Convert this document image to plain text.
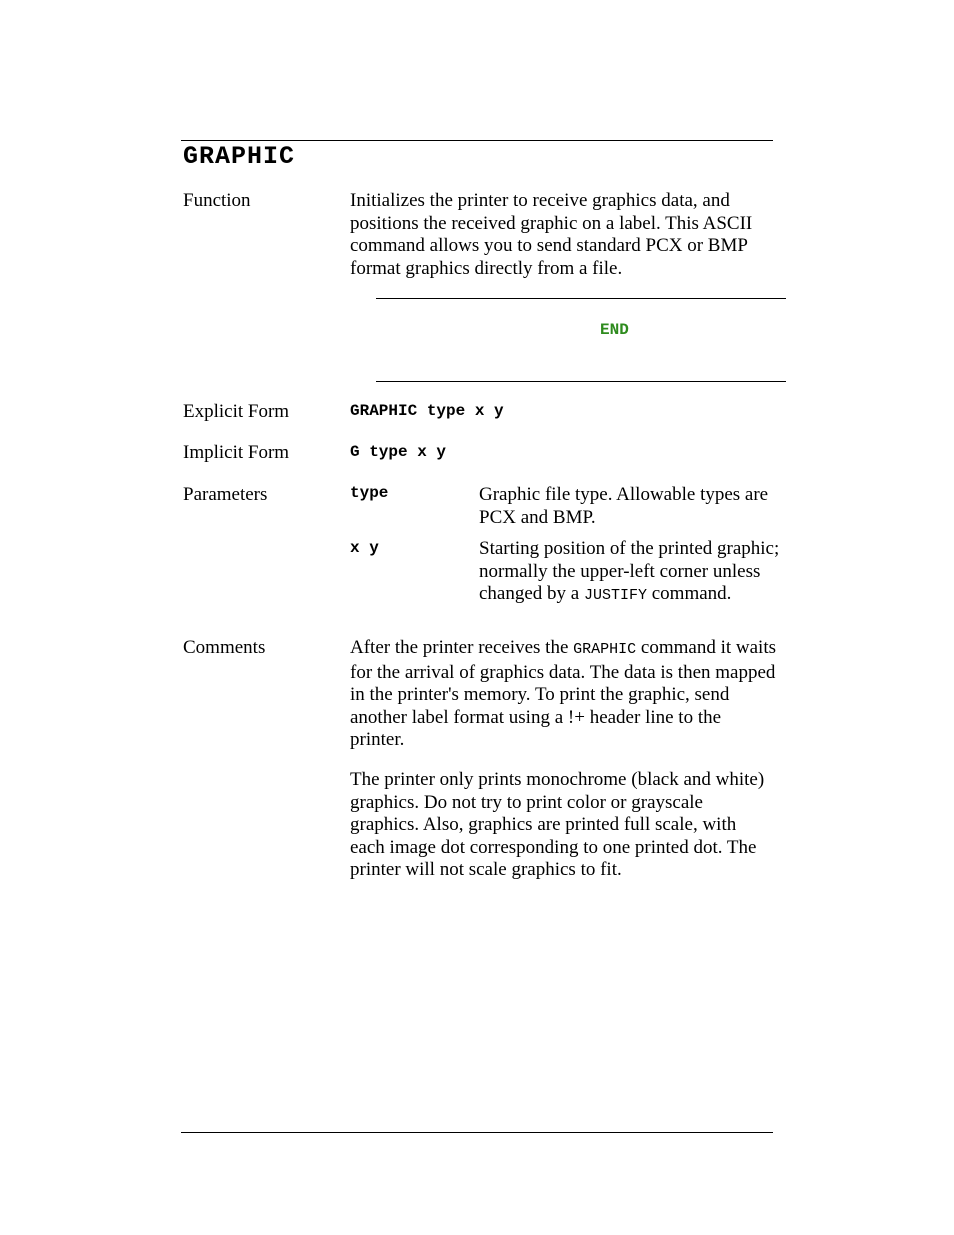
GRAPHIC
Function	Initializes the printer to receive graphics data, and positions the received graphic on a label. This ASCII command allows you to send standard PCX or BMP format graphics directly from a file.

END
Explicit Form	GRAPHIC type x y
Implicit Form	G type x y
Parameters	type	Graphic file type. Allowable types are PCX and BMP.

x y	Starting position of the printed graphic; normally the upper-left corner unless changed by a JUSTIFY command.

Comments	After the printer receives the GRAPHIC command it waits for the arrival of graphics data. The data is then mapped in the printer's memory. To print the graphic, send another label format using a !+ header line to the printer.

The printer only prints monochrome (black and white) graphics. Do not try to print color or grayscale graphics. Also, graphics are printed full scale, with each image dot corresponding to one printed dot. The printer will not scale graphics to fit.
